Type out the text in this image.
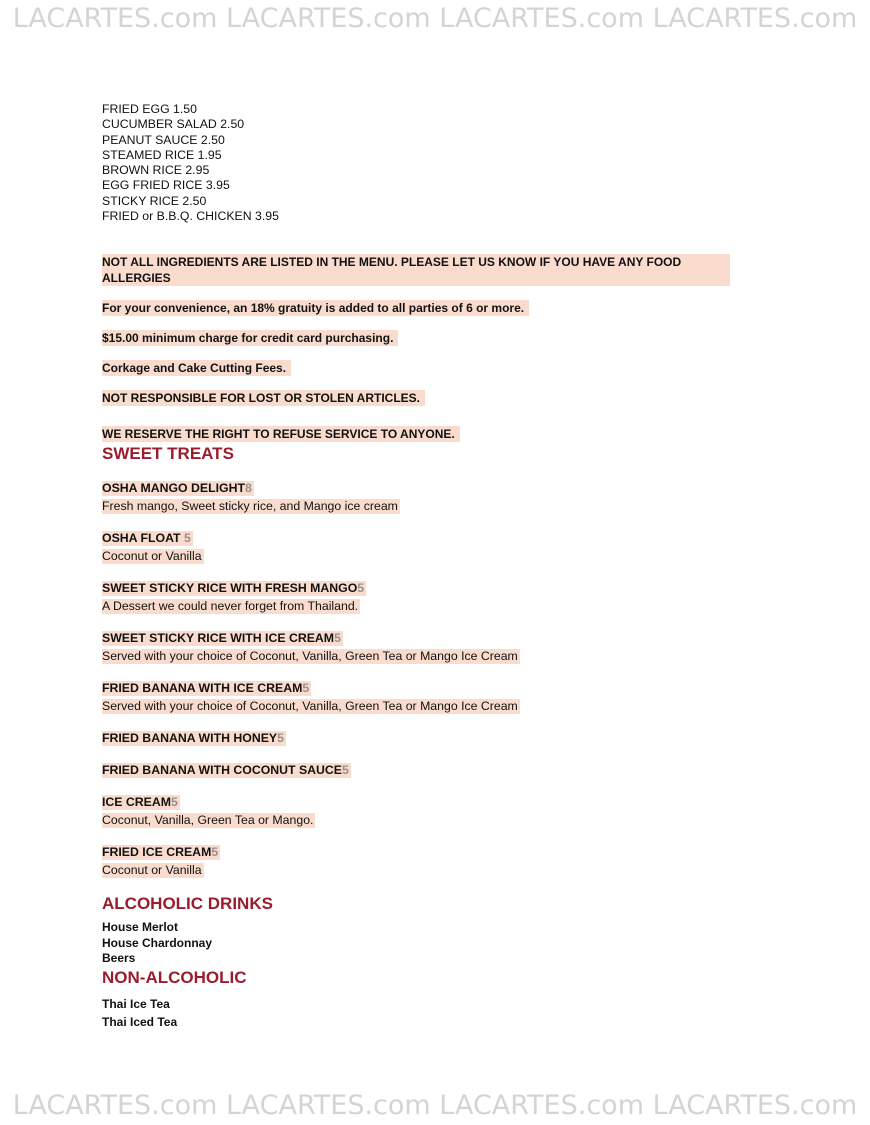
LACARTES.com LACARTES.com LACARTES.com LACARTES.com
FRIED EGG 1.50
CUCUMBER SALAD 2.50
PEANUT SAUCE 2.50
STEAMED RICE 1.95
BROWN RICE 2.95
EGG FRIED RICE 3.95
STICKY RICE 2.50
FRIED or B.B.Q. CHICKEN 3.95
NOT ALL INGREDIENTS ARE LISTED IN THE MENU. PLEASE LET US KNOW IF YOU HAVE ANY FOOD ALLERGIES
For your convenience, an 18% gratuity is added to all parties of 6 or more.
$15.00 minimum charge for credit card purchasing.
Corkage and Cake Cutting Fees.
NOT RESPONSIBLE FOR LOST OR STOLEN ARTICLES.
WE RESERVE THE RIGHT TO REFUSE SERVICE TO ANYONE.
SWEET TREATS
OSHA MANGO DELIGHT8
Fresh mango, Sweet sticky rice, and Mango ice cream
OSHA FLOAT 5
Coconut or Vanilla
SWEET STICKY RICE WITH FRESH MANGO5
A Dessert we could never forget from Thailand.
SWEET STICKY RICE WITH ICE CREAM5
Served with your choice of Coconut, Vanilla, Green Tea or Mango Ice Cream
FRIED BANANA WITH ICE CREAM5
Served with your choice of Coconut, Vanilla, Green Tea or Mango Ice Cream
FRIED BANANA WITH HONEY5
FRIED BANANA WITH COCONUT SAUCE5
ICE CREAM5
Coconut, Vanilla, Green Tea or Mango.
FRIED ICE CREAM5
Coconut or Vanilla
ALCOHOLIC DRINKS
House Merlot
House Chardonnay
Beers
NON-ALCOHOLIC
Thai Ice Tea
Thai Iced Tea
LACARTES.com LACARTES.com LACARTES.com LACARTES.com
